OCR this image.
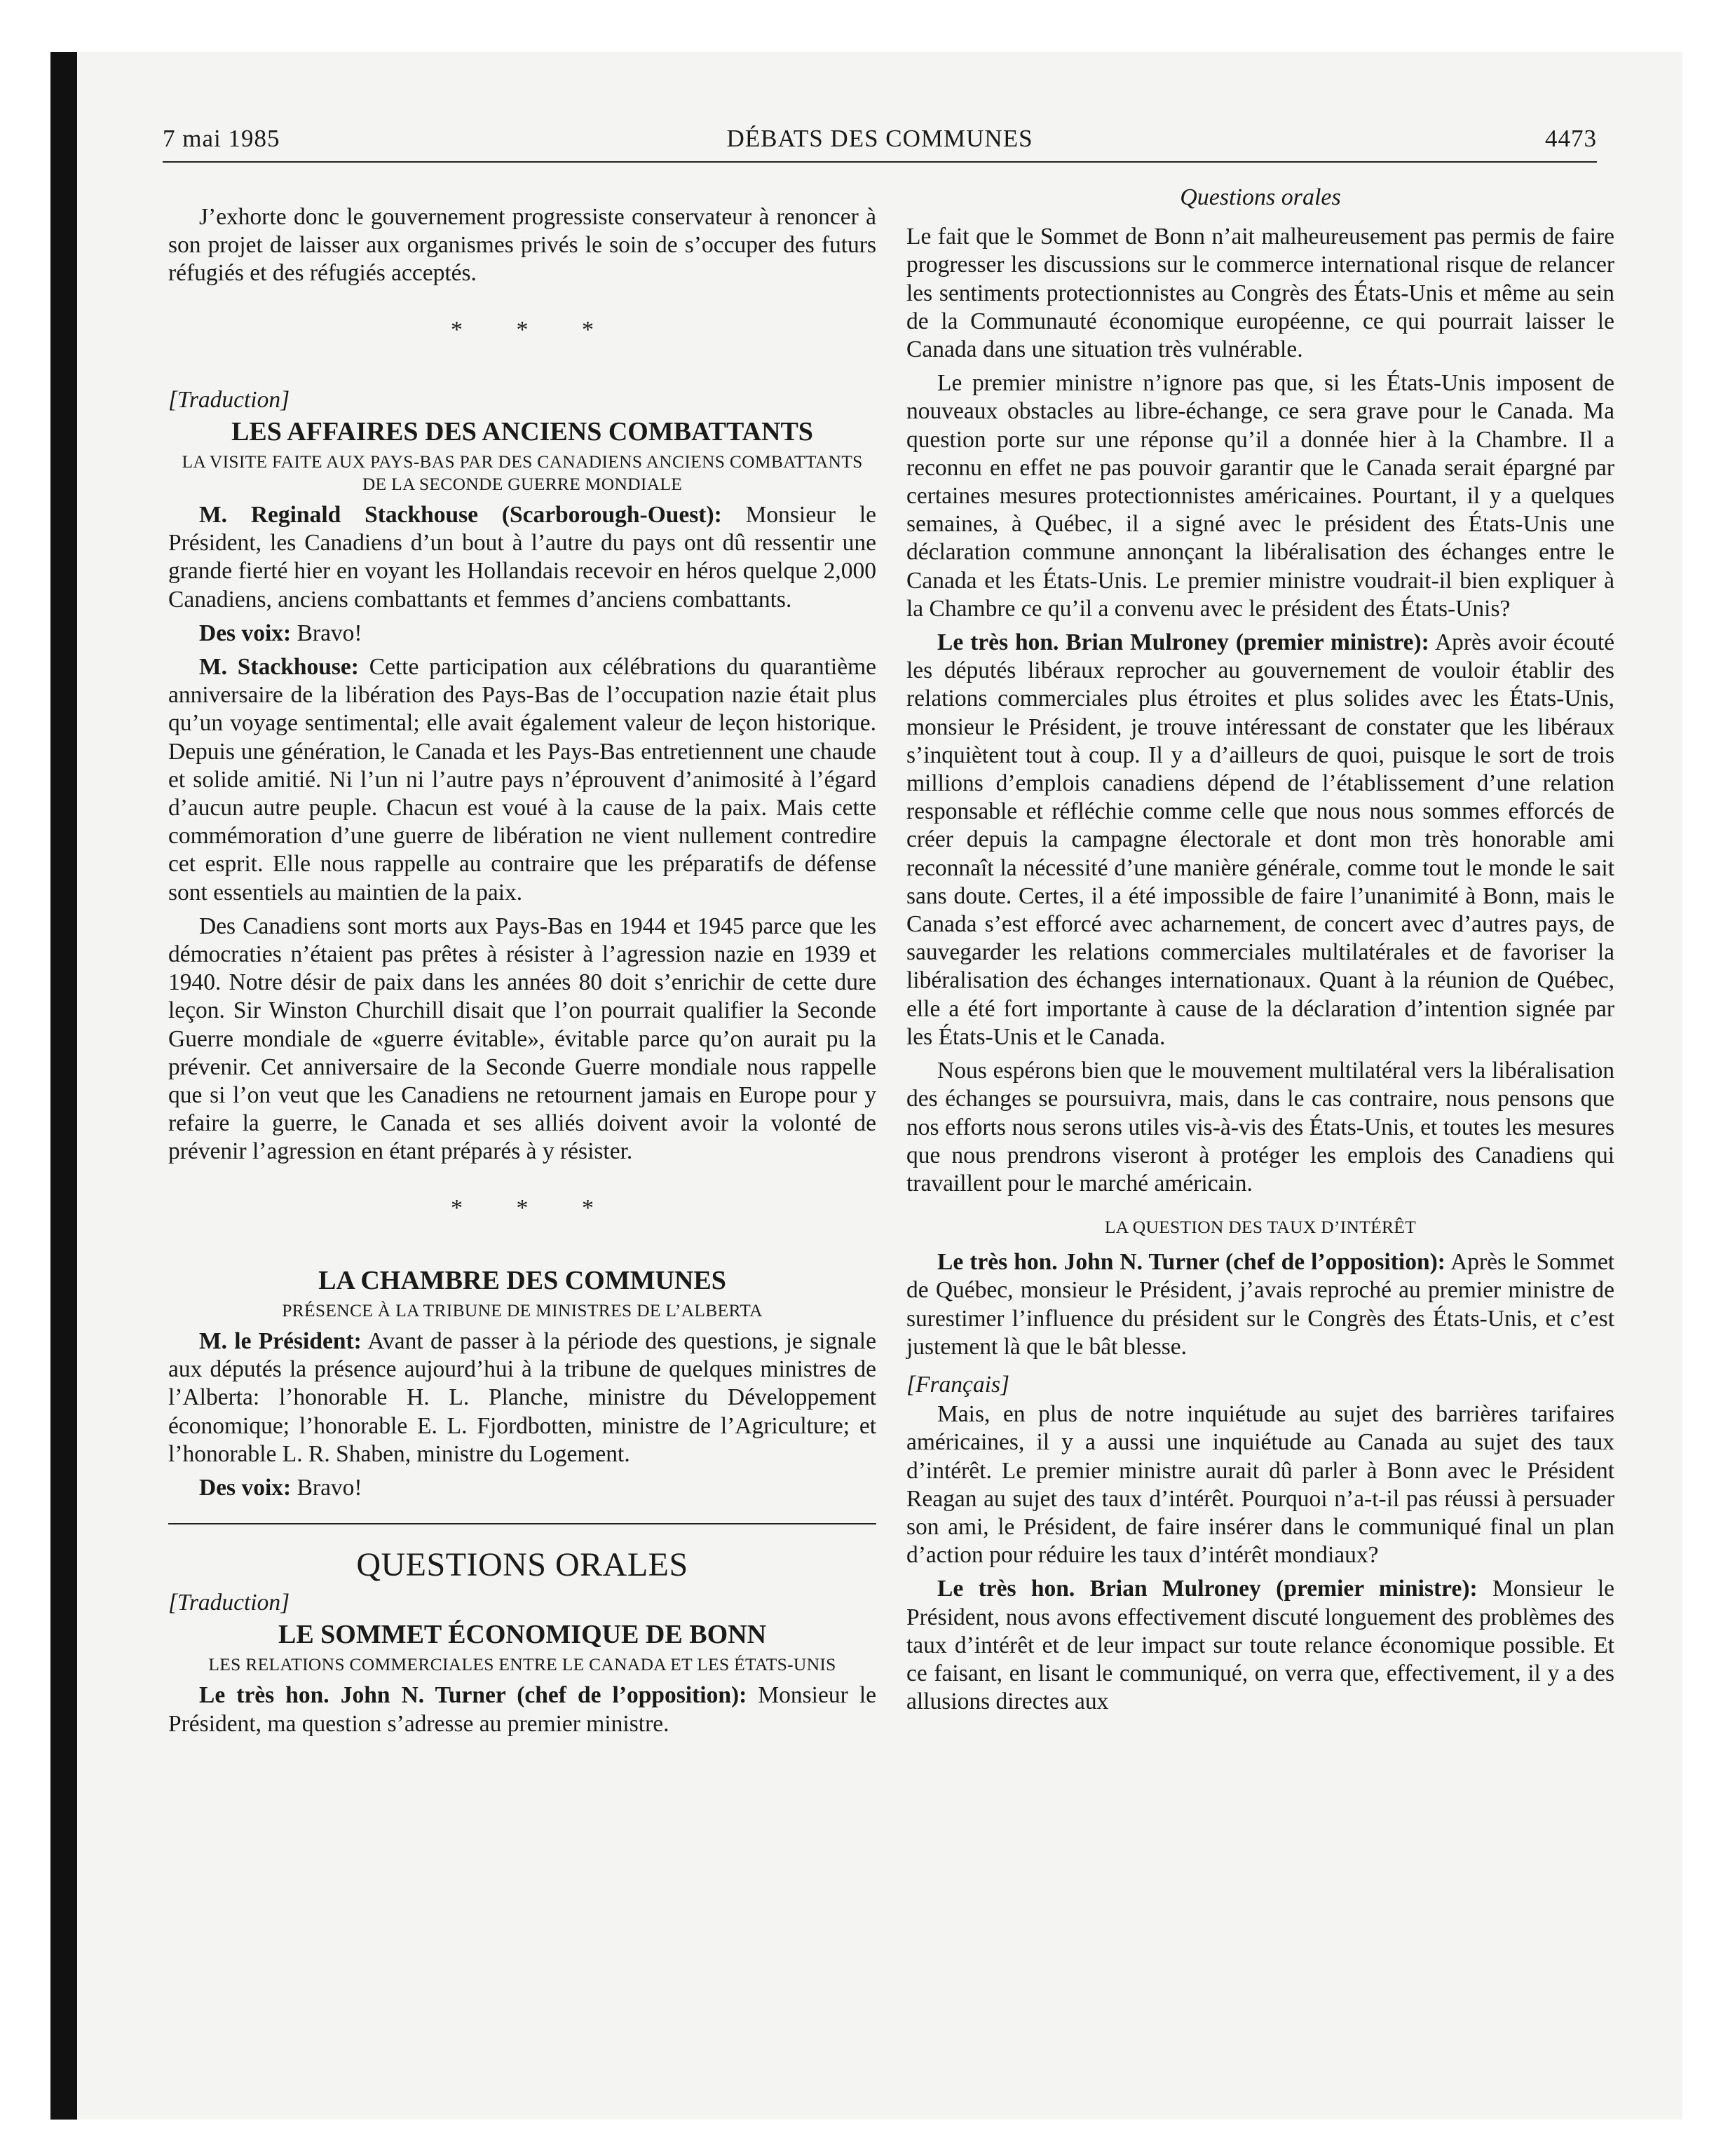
7 mai 1985	DÉBATS DES COMMUNES	4473

J’exhorte donc le gouvernement progressiste conservateur à renoncer à son projet de laisser aux organismes privés le soin de s’occuper des futurs réfugiés et des réfugiés acceptés.

* * *
[Traduction]
LES AFFAIRES DES ANCIENS COMBATTANTS
LA VISITE FAITE AUX PAYS-BAS PAR DES CANADIENS ANCIENS COMBATTANTS DE LA SECONDE GUERRE MONDIALE

M. Reginald Stackhouse (Scarborough-Ouest): Monsieur le Président, les Canadiens d’un bout à l’autre du pays ont dû ressentir une grande fierté hier en voyant les Hollandais recevoir en héros quelque 2,000 Canadiens, anciens combattants et femmes d’anciens combattants.

Des voix: Bravo!

M. Stackhouse: Cette participation aux célébrations du quarantième anniversaire de la libération des Pays-Bas de l’occupation nazie était plus qu’un voyage sentimental; elle avait également valeur de leçon historique. Depuis une génération, le Canada et les Pays-Bas entretiennent une chaude et solide amitié. Ni l’un ni l’autre pays n’éprouvent d’animosité à l’égard d’aucun autre peuple. Chacun est voué à la cause de la paix. Mais cette commémoration d’une guerre de libération ne vient nullement contredire cet esprit. Elle nous rappelle au contraire que les préparatifs de défense sont essentiels au maintien de la paix.

Des Canadiens sont morts aux Pays-Bas en 1944 et 1945 parce que les démocraties n’étaient pas prêtes à résister à l’agression nazie en 1939 et 1940. Notre désir de paix dans les années 80 doit s’enrichir de cette dure leçon. Sir Winston Churchill disait que l’on pourrait qualifier la Seconde Guerre mondiale de «guerre évitable», évitable parce qu’on aurait pu la prévenir. Cet anniversaire de la Seconde Guerre mondiale nous rappelle que si l’on veut que les Canadiens ne retournent jamais en Europe pour y refaire la guerre, le Canada et ses alliés doivent avoir la volonté de prévenir l’agression en étant préparés à y résister.

* * *
LA CHAMBRE DES COMMUNES
PRÉSENCE À LA TRIBUNE DE MINISTRES DE L’ALBERTA

M. le Président: Avant de passer à la période des questions, je signale aux députés la présence aujourd’hui à la tribune de quelques ministres de l’Alberta: l’honorable H. L. Planche, ministre du Développement économique; l’honorable E. L. Fjordbotten, ministre de l’Agriculture; et l’honorable L. R. Shaben, ministre du Logement.

Des voix: Bravo!

QUESTIONS ORALES
[Traduction]
LE SOMMET ÉCONOMIQUE DE BONN
LES RELATIONS COMMERCIALES ENTRE LE CANADA ET LES ÉTATS-UNIS

Le très hon. John N. Turner (chef de l’opposition): Monsieur le Président, ma question s’adresse au premier ministre.

Questions orales

Le fait que le Sommet de Bonn n’ait malheureusement pas permis de faire progresser les discussions sur le commerce international risque de relancer les sentiments protectionnistes au Congrès des États-Unis et même au sein de la Communauté économique européenne, ce qui pourrait laisser le Canada dans une situation très vulnérable.

Le premier ministre n’ignore pas que, si les États-Unis imposent de nouveaux obstacles au libre-échange, ce sera grave pour le Canada. Ma question porte sur une réponse qu’il a donnée hier à la Chambre. Il a reconnu en effet ne pas pouvoir garantir que le Canada serait épargné par certaines mesures protectionnistes américaines. Pourtant, il y a quelques semaines, à Québec, il a signé avec le président des États-Unis une déclaration commune annonçant la libéralisation des échanges entre le Canada et les États-Unis. Le premier ministre voudrait-il bien expliquer à la Chambre ce qu’il a convenu avec le président des États-Unis?

Le très hon. Brian Mulroney (premier ministre): Après avoir écouté les députés libéraux reprocher au gouvernement de vouloir établir des relations commerciales plus étroites et plus solides avec les États-Unis, monsieur le Président, je trouve intéressant de constater que les libéraux s’inquiètent tout à coup. Il y a d’ailleurs de quoi, puisque le sort de trois millions d’emplois canadiens dépend de l’établissement d’une relation responsable et réfléchie comme celle que nous nous sommes efforcés de créer depuis la campagne électorale et dont mon très honorable ami reconnaît la nécessité d’une manière générale, comme tout le monde le sait sans doute. Certes, il a été impossible de faire l’unanimité à Bonn, mais le Canada s’est efforcé avec acharnement, de concert avec d’autres pays, de sauvegarder les relations commerciales multilatérales et de favoriser la libéralisation des échanges internationaux. Quant à la réunion de Québec, elle a été fort importante à cause de la déclaration d’intention signée par les États-Unis et le Canada.

Nous espérons bien que le mouvement multilatéral vers la libéralisation des échanges se poursuivra, mais, dans le cas contraire, nous pensons que nos efforts nous serons utiles vis-à-vis des États-Unis, et toutes les mesures que nous prendrons viseront à protéger les emplois des Canadiens qui travaillent pour le marché américain.

LA QUESTION DES TAUX D’INTÉRÊT

Le très hon. John N. Turner (chef de l’opposition): Après le Sommet de Québec, monsieur le Président, j’avais reproché au premier ministre de surestimer l’influence du président sur le Congrès des États-Unis, et c’est justement là que le bât blesse.

[Français]

Mais, en plus de notre inquiétude au sujet des barrières tarifaires américaines, il y a aussi une inquiétude au Canada au sujet des taux d’intérêt. Le premier ministre aurait dû parler à Bonn avec le Président Reagan au sujet des taux d’intérêt. Pourquoi n’a-t-il pas réussi à persuader son ami, le Président, de faire insérer dans le communiqué final un plan d’action pour réduire les taux d’intérêt mondiaux?

Le très hon. Brian Mulroney (premier ministre): Monsieur le Président, nous avons effectivement discuté longuement des problèmes des taux d’intérêt et de leur impact sur toute relance économique possible. Et ce faisant, en lisant le communiqué, on verra que, effectivement, il y a des allusions directes aux
